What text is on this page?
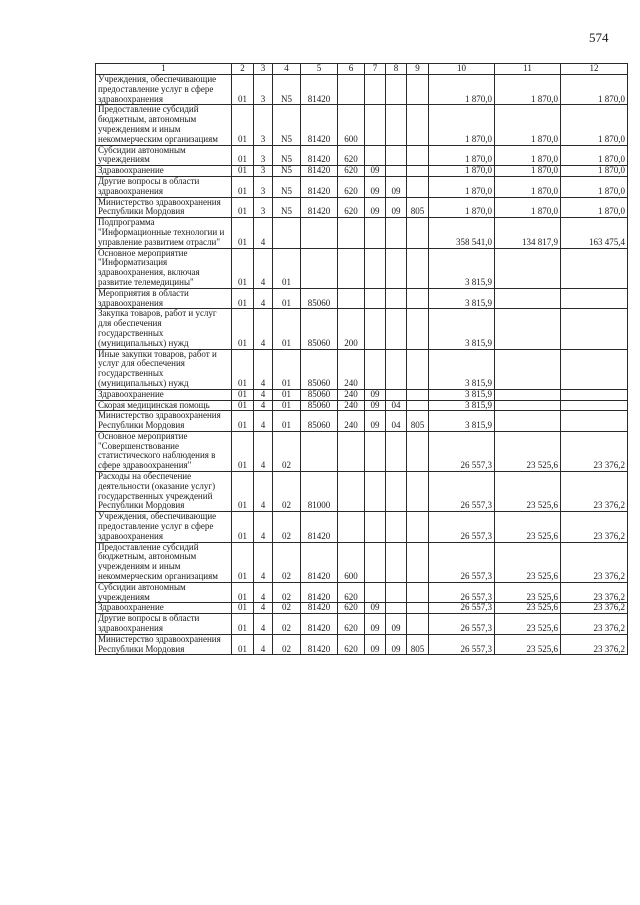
574
1	2	3	4	5	6	7	8	9	10	11	12
Учреждения, обеспечивающие предоставление услуг в сфере здравоохранения	01	3	N5	81420					1 870,0	1 870,0	1 870,0
Предоставление субсидий бюджетным, автономным учреждениям и иным некоммерческим организациям	01	3	N5	81420	600				1 870,0	1 870,0	1 870,0
Субсидии автономным учреждениям	01	3	N5	81420	620				1 870,0	1 870,0	1 870,0
Здравоохранение	01	3	N5	81420	620	09			1 870,0	1 870,0	1 870,0
Другие вопросы в области здравоохранения	01	3	N5	81420	620	09	09		1 870,0	1 870,0	1 870,0
Министерство здравоохранения Республики Мордовия	01	3	N5	81420	620	09	09	805	1 870,0	1 870,0	1 870,0
Подпрограмма "Информационные технологии и управление развитием отрасли"	01	4							358 541,0	134 817,9	163 475,4
Основное мероприятие "Информатизация здравоохранения, включая развитие телемедицины"	01	4	01						3 815,9		
Мероприятия в области здравоохранения	01	4	01	85060					3 815,9		
Закупка товаров, работ и услуг для обеспечения государственных (муниципальных) нужд	01	4	01	85060	200				3 815,9		
Иные закупки товаров, работ и услуг для обеспечения государственных (муниципальных) нужд	01	4	01	85060	240				3 815,9		
Здравоохранение	01	4	01	85060	240	09			3 815,9		
Скорая медицинская помощь	01	4	01	85060	240	09	04		3 815,9		
Министерство здравоохранения Республики Мордовия	01	4	01	85060	240	09	04	805	3 815,9		
Основное мероприятие "Совершенствование статистического наблюдения в сфере здравоохранения"	01	4	02						26 557,3	23 525,6	23 376,2
Расходы на обеспечение деятельности (оказание услуг) государственных учреждений Республики Мордовия	01	4	02	81000					26 557,3	23 525,6	23 376,2
Учреждения, обеспечивающие предоставление услуг в сфере здравоохранения	01	4	02	81420					26 557,3	23 525,6	23 376,2
Предоставление субсидий бюджетным, автономным учреждениям и иным некоммерческим организациям	01	4	02	81420	600				26 557,3	23 525,6	23 376,2
Субсидии автономным учреждениям	01	4	02	81420	620				26 557,3	23 525,6	23 376,2
Здравоохранение	01	4	02	81420	620	09			26 557,3	23 525,6	23 376,2
Другие вопросы в области здравоохранения	01	4	02	81420	620	09	09		26 557,3	23 525,6	23 376,2
Министерство здравоохранения Республики Мордовия	01	4	02	81420	620	09	09	805	26 557,3	23 525,6	23 376,2
